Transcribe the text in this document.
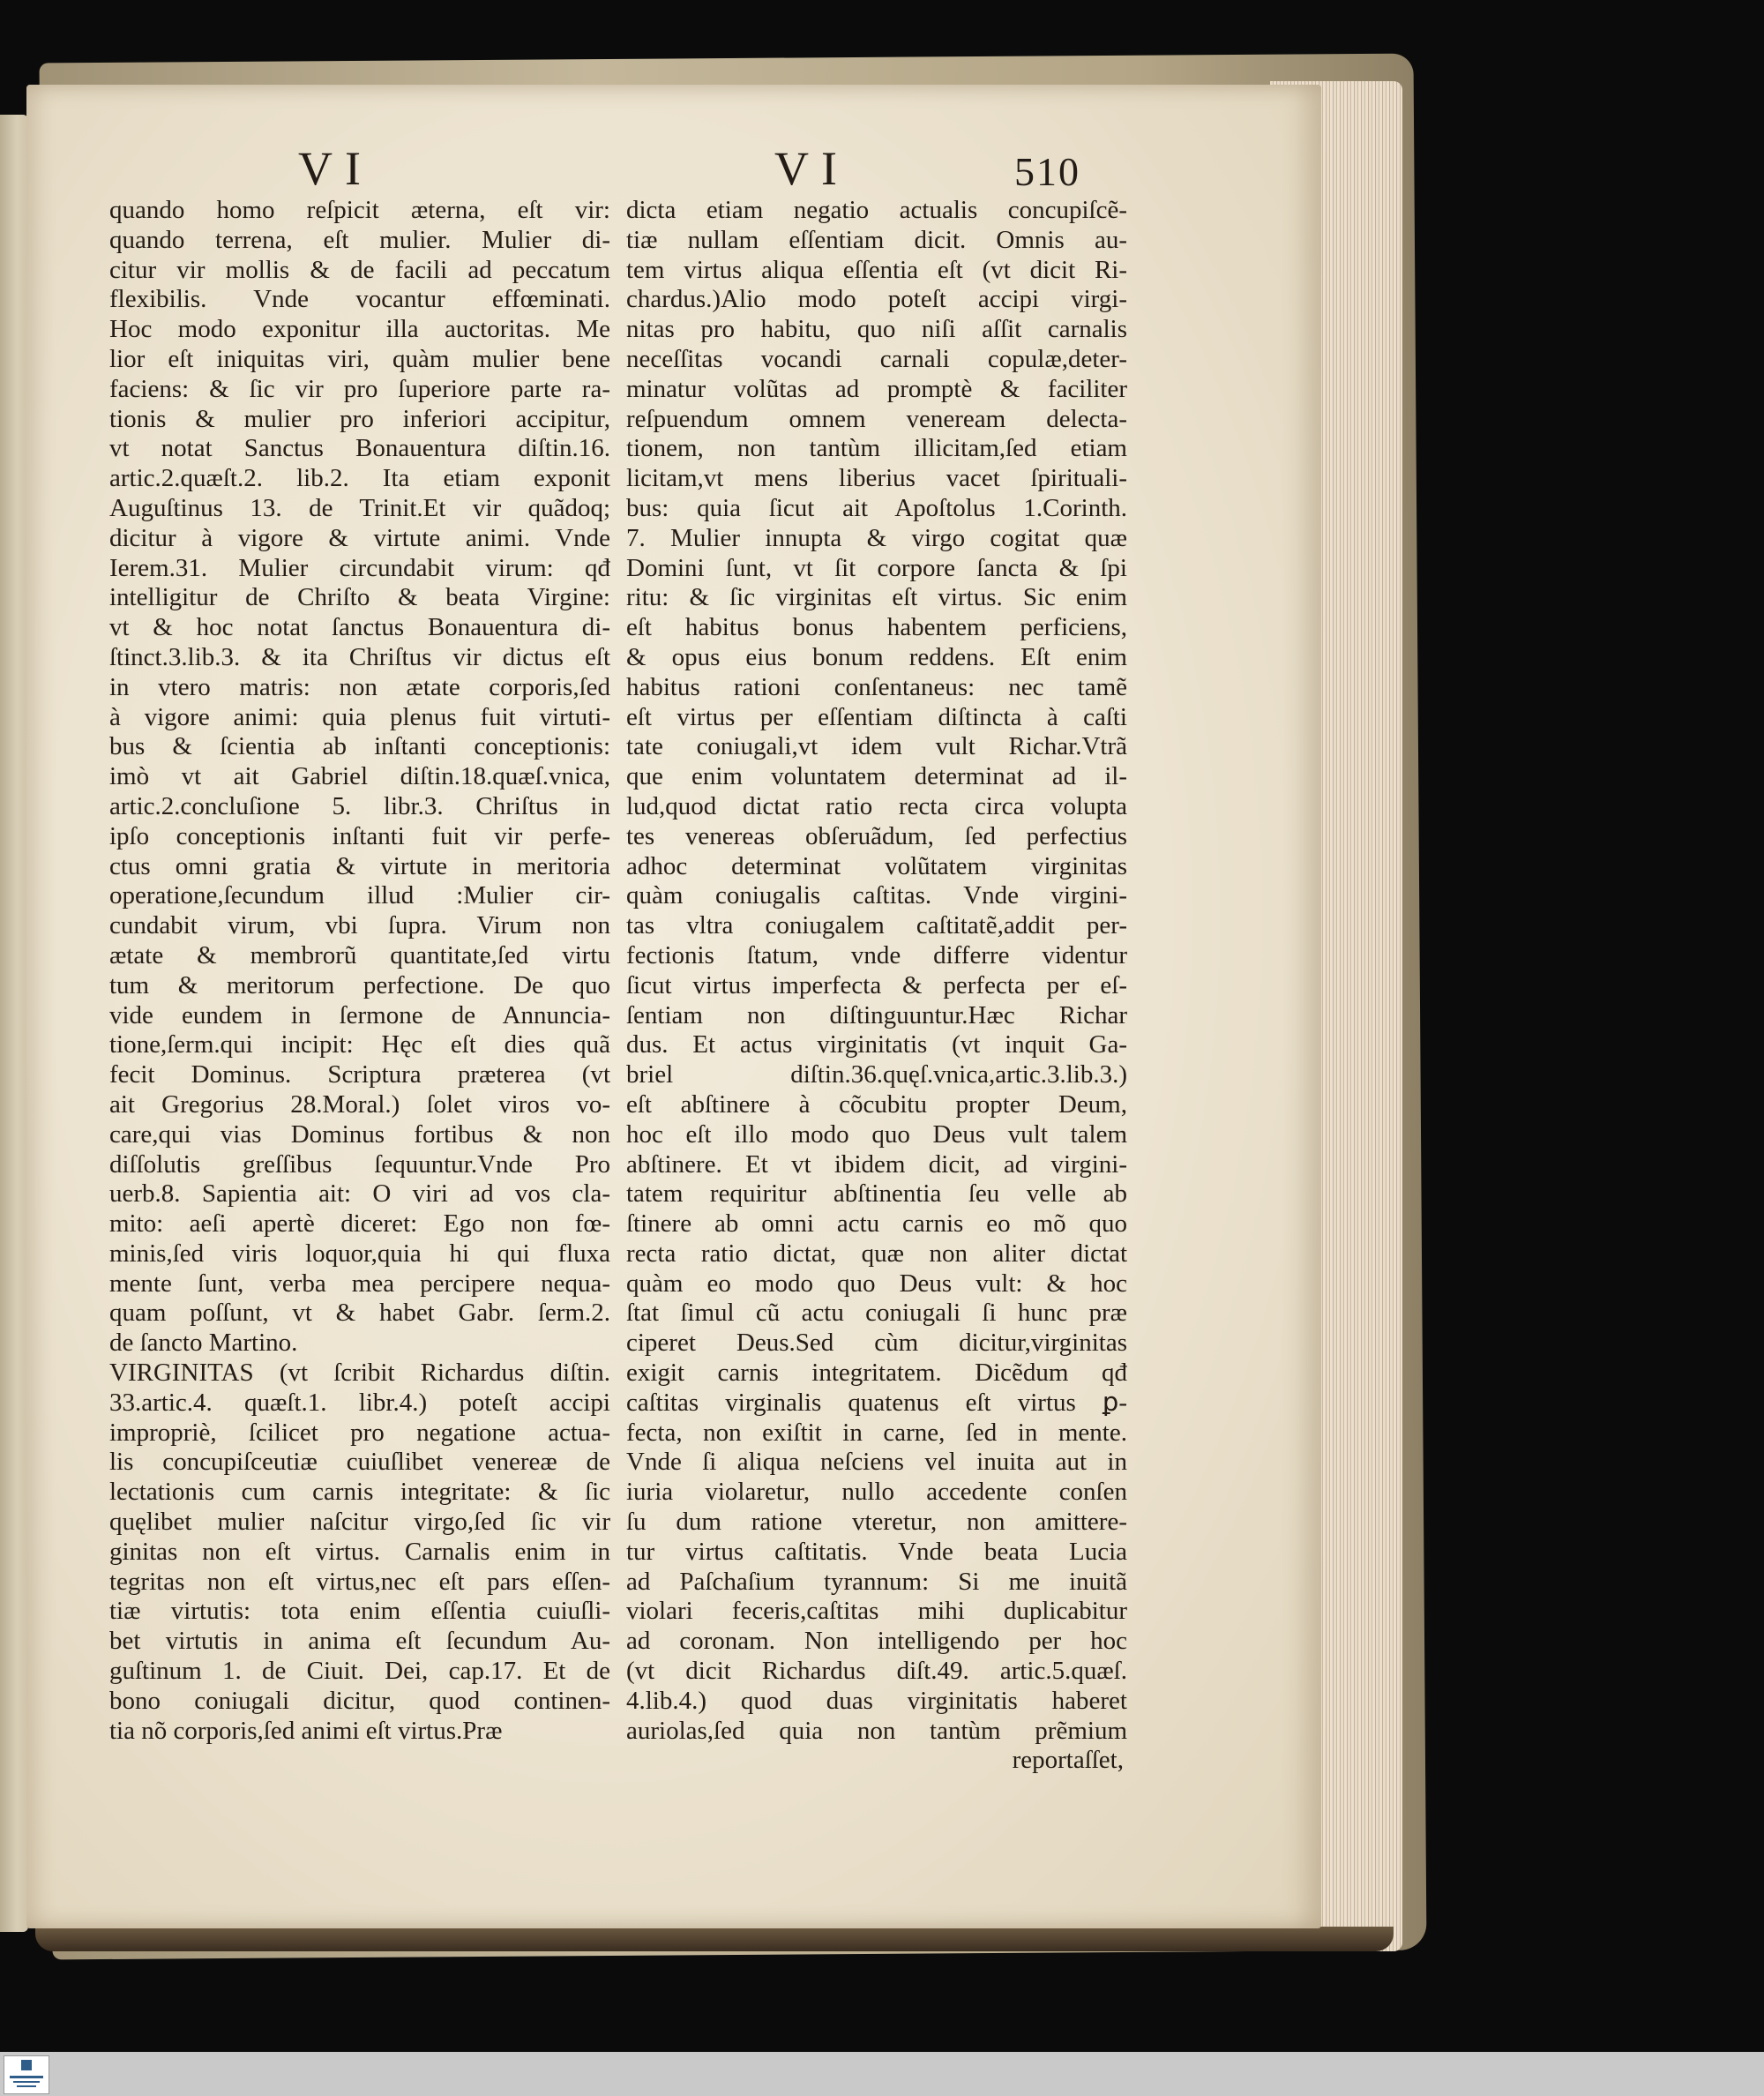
VI	VI	510
quando homo reſpicit æterna, eſt vir:
quando terrena, eſt mulier. Mulier di-
citur vir mollis & de facili ad peccatum
flexibilis. Vnde vocantur effœminati.
Hoc modo exponitur illa auctoritas. Me
lior eſt iniquitas viri, quàm mulier bene
faciens: & ſic vir pro ſuperiore parte ra-
tionis & mulier pro inferiori accipitur,
vt notat Sanctus Bonauentura diſtin.16.
artic.2.quæſt.2. lib.2. Ita etiam exponit
Auguſtinus 13. de Trinit.Et vir quãdoq;
dicitur à vigore & virtute animi. Vnde
Ierem.31. Mulier circundabit virum: qđ
intelligitur de Chriſto & beata Virgine:
vt & hoc notat ſanctus Bonauentura di-
ſtinct.3.lib.3. & ita Chriſtus vir dictus eſt
in vtero matris: non ætate corporis,ſed
à vigore animi: quia plenus fuit virtuti-
bus & ſcientia ab inſtanti conceptionis:
imò vt ait Gabriel diſtin.18.quæſ.vnica,
artic.2.concluſione 5. libr.3. Chriſtus in
ipſo conceptionis inſtanti fuit vir perfe-
ctus omni gratia & virtute in meritoria
operatione,ſecundum illud :Mulier cir-
cundabit virum, vbi ſupra. Virum non
ætate & membrorũ quantitate,ſed virtu
tum & meritorum perfectione. De quo
vide eundem in ſermone de Annuncia-
tione,ſerm.qui incipit: Hęc eſt dies quã
fecit Dominus. Scriptura præterea (vt
ait Gregorius 28.Moral.) ſolet viros vo-
care,qui vias Dominus fortibus & non
diſſolutis greſſibus ſequuntur.Vnde Pro
uerb.8. Sapientia ait: O viri ad vos cla-
mito: aeſi apertè diceret: Ego non fœ-
minis,ſed viris loquor,quia hi qui fluxa
mente ſunt, verba mea percipere nequa-
quam poſſunt, vt & habet Gabr. ſerm.2.
de ſancto Martino.
VIRGINITAS (vt ſcribit Richardus diſtin.
33.artic.4. quæſt.1. libr.4.) poteſt accipi
impropriè, ſcilicet pro negatione actua-
lis concupiſceutiæ cuiuſlibet venereæ de
lectationis cum carnis integritate: & ſic
quęlibet mulier naſcitur virgo,ſed ſic vir
ginitas non eſt virtus. Carnalis enim in
tegritas non eſt virtus,nec eſt pars eſſen-
tiæ virtutis: tota enim eſſentia cuiuſli-
bet virtutis in anima eſt ſecundum Au-
guſtinum 1. de Ciuit. Dei, cap.17. Et de
bono coniugali dicitur, quod continen-
tia nõ corporis,ſed animi eſt virtus.Præ
dicta etiam negatio actualis concupiſcẽ-
tiæ nullam eſſentiam dicit. Omnis au-
tem virtus aliqua eſſentia eſt (vt dicit Ri-
chardus.)Alio modo poteſt accipi virgi-
nitas pro habitu, quo niſi aſſit carnalis
neceſſitas vocandi carnali copulæ,deter-
minatur volũtas ad promptè & faciliter
reſpuendum omnem veneream delecta-
tionem, non tantùm illicitam,ſed etiam
licitam,vt mens liberius vacet ſpirituali-
bus: quia ſicut ait Apoſtolus 1.Corinth.
7. Mulier innupta & virgo cogitat quæ
Domini ſunt, vt ſit corpore ſancta & ſpi
ritu: & ſic virginitas eſt virtus. Sic enim
eſt habitus bonus habentem perficiens,
& opus eius bonum reddens. Eſt enim
habitus rationi conſentaneus: nec tamẽ
eſt virtus per eſſentiam diſtincta à caſti
tate coniugali,vt idem vult Richar.Vtrã
que enim voluntatem determinat ad il-
lud,quod dictat ratio recta circa volupta
tes venereas obſeruãdum, ſed perfectius
adhoc determinat volũtatem virginitas
quàm coniugalis caſtitas. Vnde virgini-
tas vltra coniugalem caſtitatẽ,addit per-
fectionis ſtatum, vnde differre videntur
ſicut virtus imperfecta & perfecta per eſ-
ſentiam non diſtinguuntur.Hæc Richar
dus. Et actus virginitatis (vt inquit Ga-
briel diſtin.36.quęſ.vnica,artic.3.lib.3.)
eſt abſtinere à cõcubitu propter Deum,
hoc eſt illo modo quo Deus vult talem
abſtinere. Et vt ibidem dicit, ad virgini-
tatem requiritur abſtinentia ſeu velle ab
ſtinere ab omni actu carnis eo mõ quo
recta ratio dictat, quæ non aliter dictat
quàm eo modo quo Deus vult: & hoc
ſtat ſimul cũ actu coniugali ſi hunc præ
ciperet Deus.Sed cùm dicitur,virginitas
exigit carnis integritatem. Dicẽdum qđ
caſtitas virginalis quatenus eſt virtus ꝑ-
fecta, non exiſtit in carne, ſed in mente.
Vnde ſi aliqua neſciens vel inuita aut in
iuria violaretur, nullo accedente conſen
ſu dum ratione vteretur, non amittere-
tur virtus caſtitatis. Vnde beata Lucia
ad Paſchaſium tyrannum: Si me inuitã
violari feceris,caſtitas mihi duplicabitur
ad coronam. Non intelligendo per hoc
(vt dicit Richardus diſt.49. artic.5.quæſ.
4.lib.4.) quod duas virginitatis haberet
auriolas,ſed quia non tantùm prẽmium
reportaſſet,
